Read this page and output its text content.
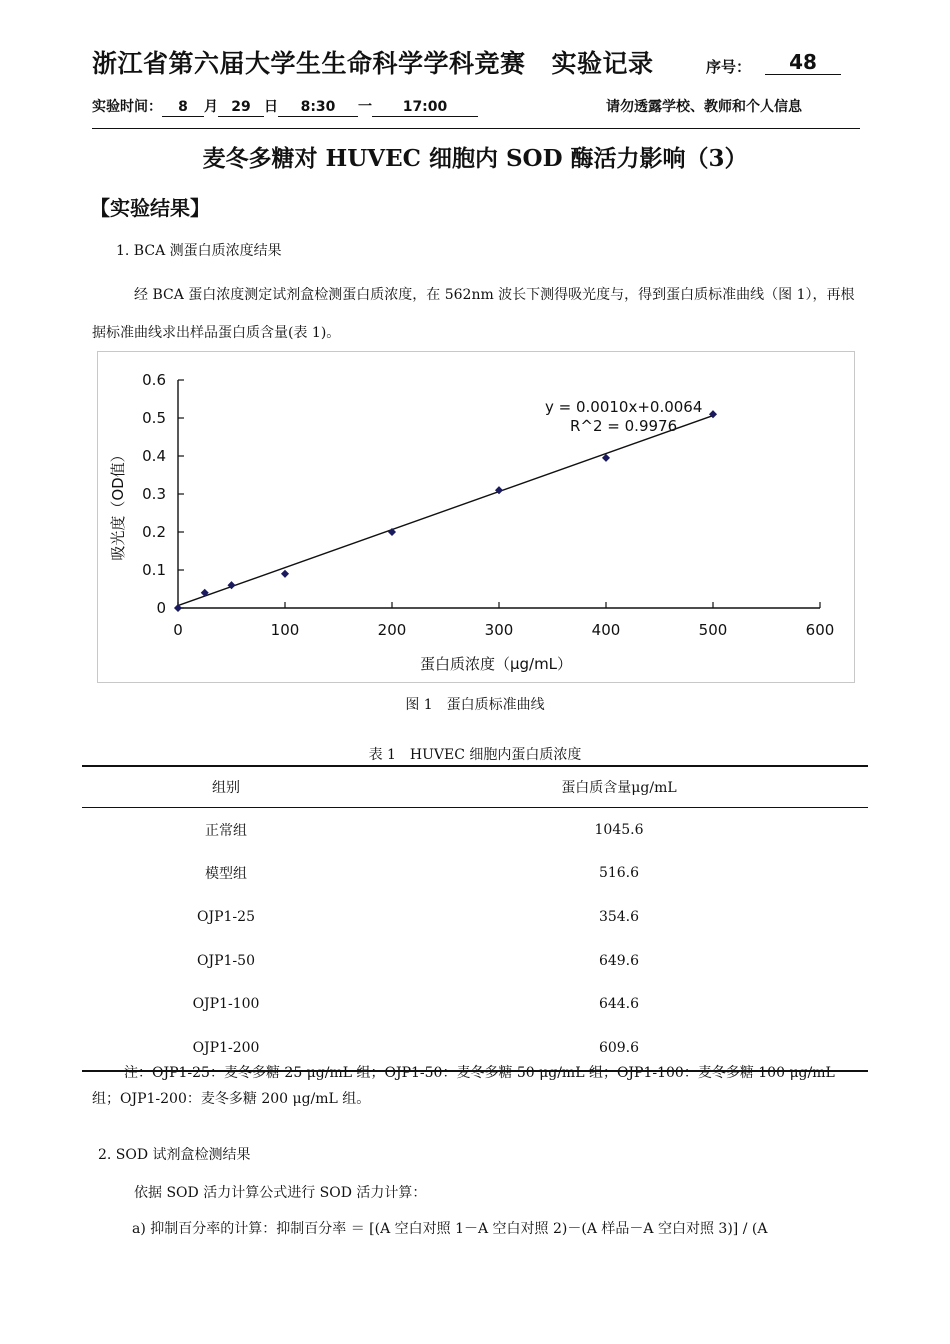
浙江省第六届大学生生命科学学科竞赛 实验记录	序号：	48
实验时间： 8 月 29 日 8:30 一 17:00	请勿透露学校、教师和个人信息
麦冬多糖对 HUVEC 细胞内 SOD 酶活力影响（3）
【实验结果】
1. BCA 测蛋白质浓度结果
经 BCA 蛋白浓度测定试剂盒检测蛋白质浓度，在 562nm 波长下测得吸光度与，得到蛋白质标准曲线（图 1），再根据标准曲线求出样品蛋白质含量(表 1)。
0	100	200	300	400	500	600
0
0.1
0.2
0.3
0.4
0.5
0.6
y = 0.0010x+0.0064
R^2 = 0.9976
蛋白质浓度（μg/mL）
吸光度（OD值）
图 1　蛋白质标准曲线
表 1　HUVEC 细胞内蛋白质浓度
组别	蛋白质含量μg/mL
正常组	1045.6
模型组	516.6
OJP1-25	354.6
OJP1-50	649.6
OJP1-100	644.6
OJP1-200	609.6
注：OJP1-25：麦冬多糖 25 μg/mL 组；OJP1-50：麦冬多糖 50 μg/mL 组；OJP1-100：麦冬多糖 100 μg/mL 组；OJP1-200：麦冬多糖 200 μg/mL 组。
2. SOD 试剂盒检测结果
依据 SOD 活力计算公式进行 SOD 活力计算：
a) 抑制百分率的计算：抑制百分率 ＝ [(A 空白对照 1－A 空白对照 2)－(A 样品－A 空白对照 3)] / (A
